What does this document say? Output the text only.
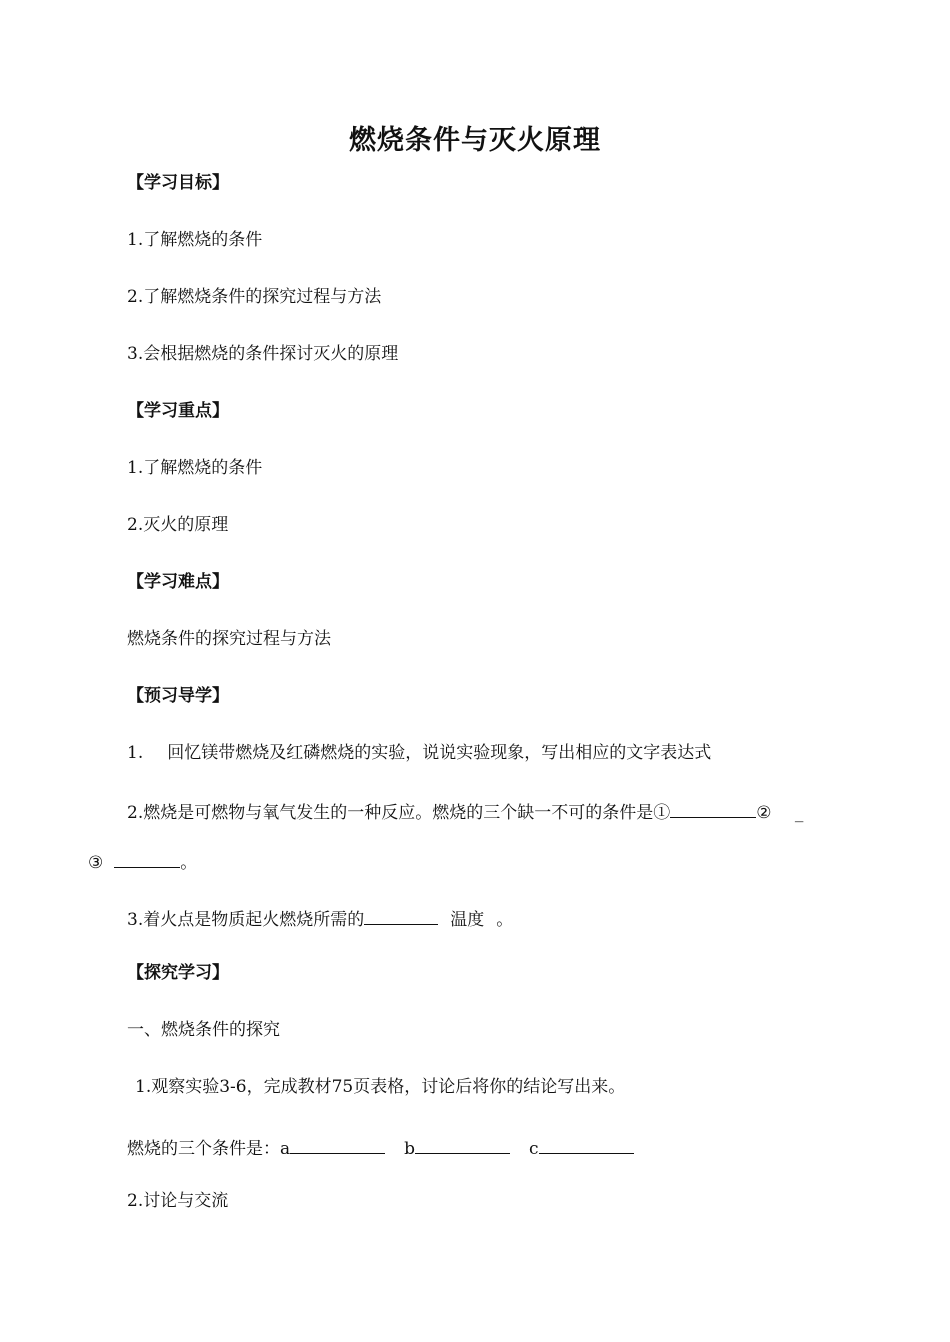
燃烧条件与灭火原理
【学习目标】
1.了解燃烧的条件
2.了解燃烧条件的探究过程与方法
3.会根据燃烧的条件探讨灭火的原理
【学习重点】
1.了解燃烧的条件
2.灭火的原理
【学习难点】
燃烧条件的探究过程与方法
【预习导学】
1. 回忆镁带燃烧及红磷燃烧的实验，说说实验现象，写出相应的文字表达式
2.燃烧是可燃物与氧气发生的一种反应。燃烧的三个缺一不可的条件是①	② _
③	。
3.着火点是物质起火燃烧所需的	温度 。
【探究学习】
一、燃烧条件的探究
1.观察实验3-6，完成教材75页表格，讨论后将你的结论写出来。
燃烧的三个条件是：a	b	c
2.讨论与交流
